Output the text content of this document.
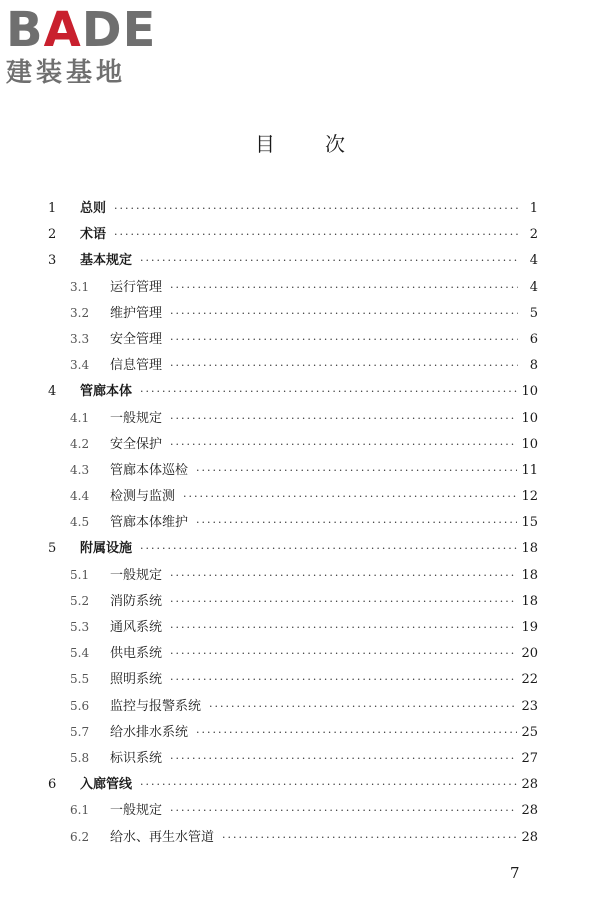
BADE
建装基地
目次
1	总则 ·····	1
2	术语 ·····	2
3	基本规定 ·····	4
3.1	运行管理 ·····	4
3.2	维护管理 ·····	5
3.3	安全管理 ·····	6
3.4	信息管理 ·····	8
4	管廊本体 ·····	10
4.1	一般规定 ·····	10
4.2	安全保护 ·····	10
4.3	管廊本体巡检 ·····	11
4.4	检测与监测 ·····	12
4.5	管廊本体维护 ·····	15
5	附属设施 ·····	18
5.1	一般规定 ·····	18
5.2	消防系统 ·····	18
5.3	通风系统 ·····	19
5.4	供电系统 ·····	20
5.5	照明系统 ·····	22
5.6	监控与报警系统 ·····	23
5.7	给水排水系统 ·····	25
5.8	标识系统 ·····	27
6	入廊管线 ·····	28
6.1	一般规定 ·····	28
6.2	给水、再生水管道 ·····	28
7
